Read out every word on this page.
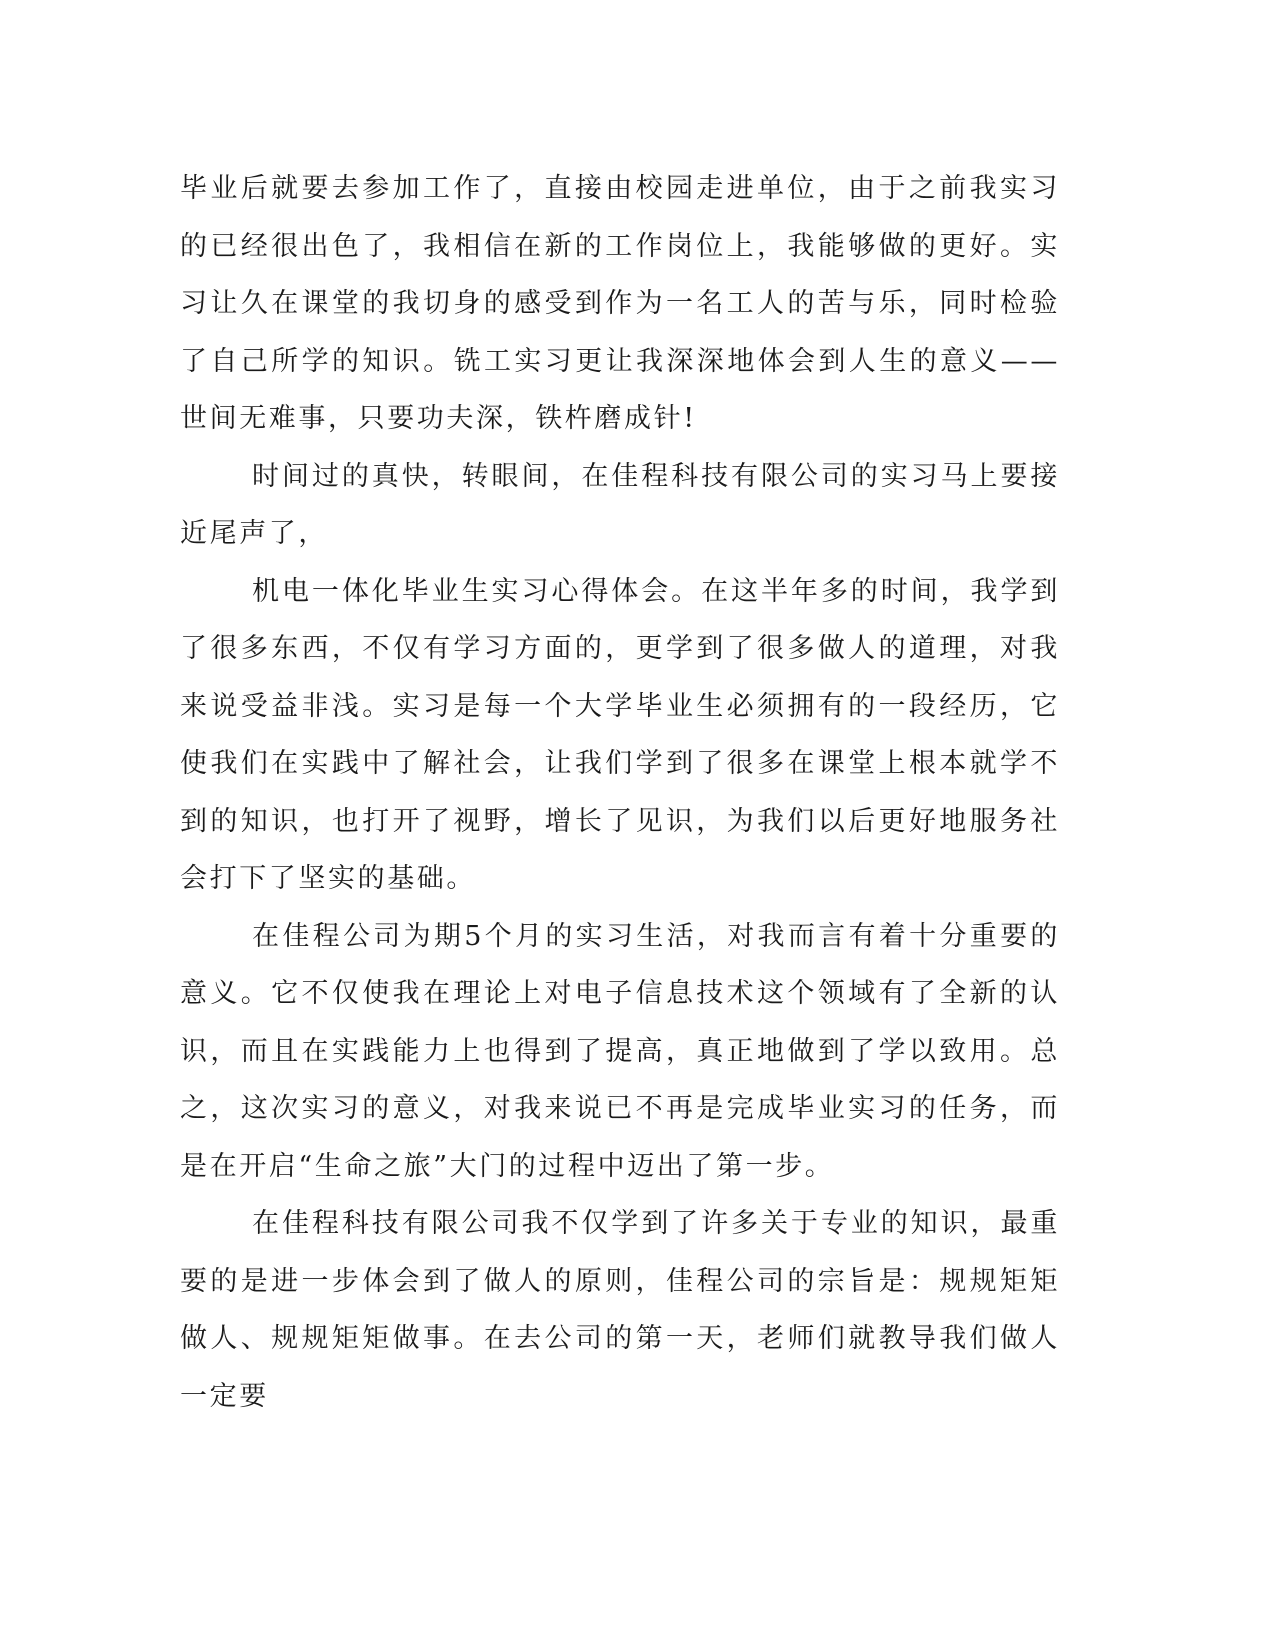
毕业后就要去参加工作了，直接由校园走进单位，由于之前我实习的已经很出色了，我相信在新的工作岗位上，我能够做的更好。实习让久在课堂的我切身的感受到作为一名工人的苦与乐，同时检验了自己所学的知识。铣工实习更让我深深地体会到人生的意义——世间无难事，只要功夫深，铁杵磨成针!

时间过的真快，转眼间，在佳程科技有限公司的实习马上要接近尾声了，

机电一体化毕业生实习心得体会。在这半年多的时间，我学到了很多东西，不仅有学习方面的，更学到了很多做人的道理，对我来说受益非浅。实习是每一个大学毕业生必须拥有的一段经历，它使我们在实践中了解社会，让我们学到了很多在课堂上根本就学不到的知识，也打开了视野，增长了见识，为我们以后更好地服务社会打下了坚实的基础。

在佳程公司为期5个月的实习生活，对我而言有着十分重要的意义。它不仅使我在理论上对电子信息技术这个领域有了全新的认识，而且在实践能力上也得到了提高，真正地做到了学以致用。总之，这次实习的意义，对我来说已不再是完成毕业实习的任务，而是在开启“生命之旅”大门的过程中迈出了第一步。

在佳程科技有限公司我不仅学到了许多关于专业的知识，最重要的是进一步体会到了做人的原则，佳程公司的宗旨是：规规矩矩做人、规规矩矩做事。在去公司的第一天，老师们就教导我们做人一定要
